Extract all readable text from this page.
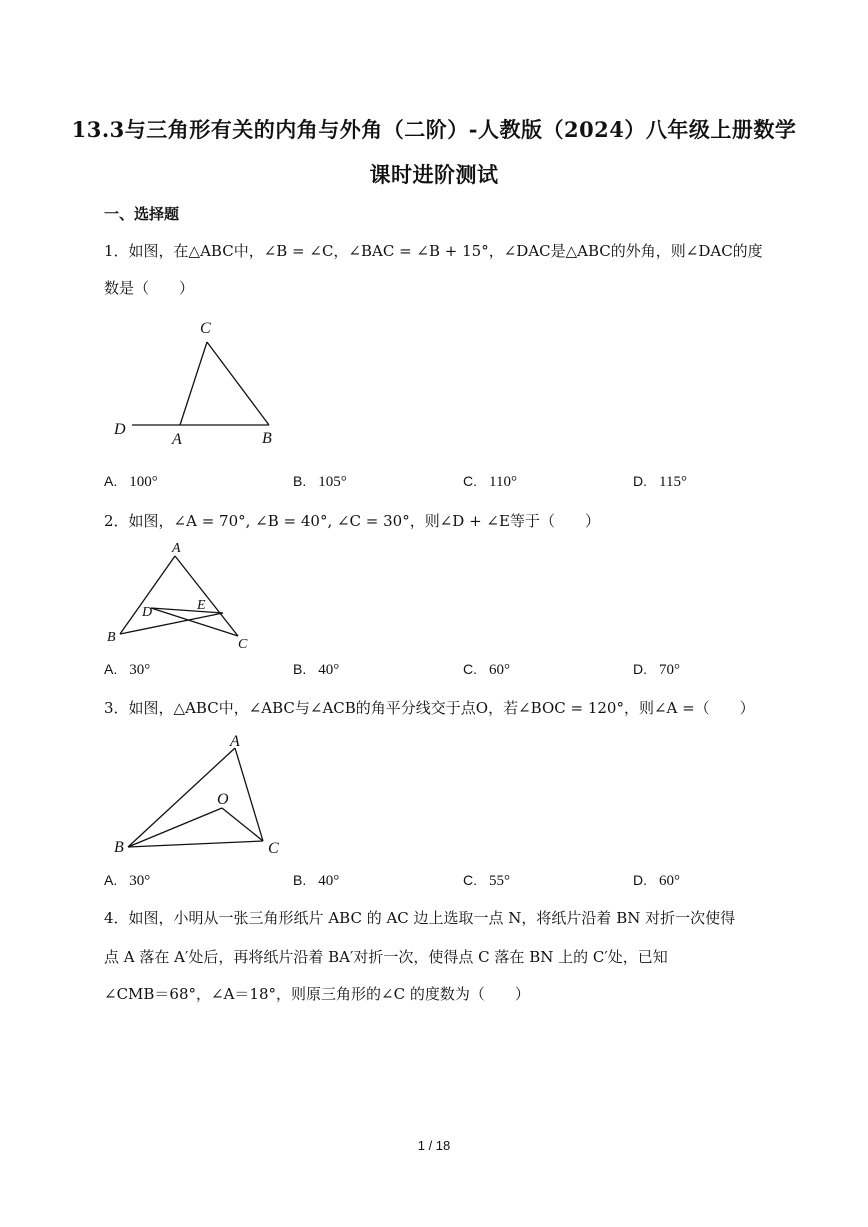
13.3与三角形有关的内角与外角（二阶）-人教版（2024）八年级上册数学
课时进阶测试
一、选择题
1．如图，在△ABC中，∠B = ∠C，∠BAC = ∠B + 15°，∠DAC是△ABC的外角，则∠DAC的度
数是（　　）
C
D
A	B
A. 100°	B. 105°	C. 110°	D. 115°
2．如图，∠A = 70°, ∠B = 40°, ∠C = 30°，则∠D + ∠E等于（　　）
A
B	C
D	E
A. 30°	B. 40°	C. 60°	D. 70°
3．如图，△ABC中，∠ABC与∠ACB的角平分线交于点O，若∠BOC = 120°，则∠A =（　　）
A
O
B	C
A. 30°	B. 40°	C. 55°	D. 60°
4．如图，小明从一张三角形纸片 ABC 的 AC 边上选取一点 N，将纸片沿着 BN 对折一次使得
点 A 落在 A′处后，再将纸片沿着 BA′对折一次，使得点 C 落在 BN 上的 C′处，已知
∠CMB＝68°，∠A＝18°，则原三角形的∠C 的度数为（　　）
1 / 18
